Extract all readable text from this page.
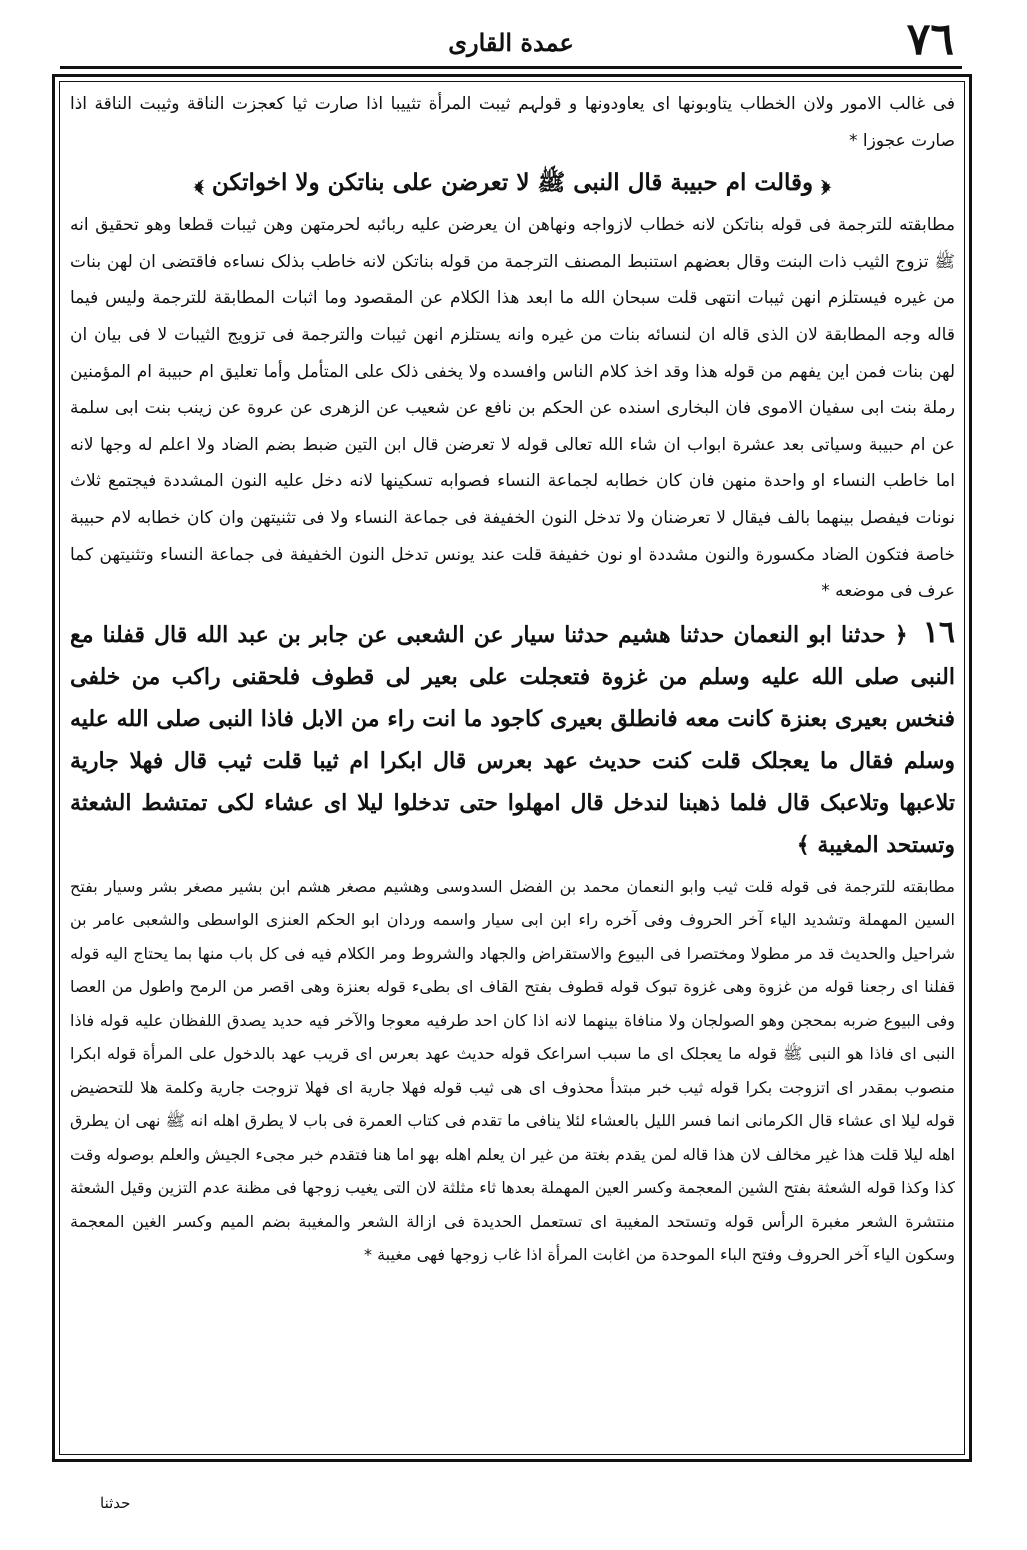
٧٦
عمدة القاری

فی غالب الامور ولان الخطاب یتاوبونها ای یعاودونها و قولہم ثیبت المرأة تثییبا اذا صارت ثیا کعجزت الناقة وثیبت الناقة اذا صارت عجوزا *

﴿ وقالت ام حبیبة قال النبی ﷺ لا تعرضن علی بناتکن ولا اخواتکن ﴾

مطابقته للترجمة فی قوله بناتکن لانه خطاب لازواجه ونهاهن ان یعرضن علیه ربائبه لحرمتهن وهن ثیبات قطعا وهو تحقیق انه ﷺ تزوج الثیب ذات البنت وقال بعضهم استنبط المصنف الترجمة من قوله بناتکن لانه خاطب بذلک نساءه فاقتضی ان لهن بنات من غیره فیستلزم انهن ثیبات انتهی قلت سبحان الله ما ابعد هذا الکلام عن المقصود وما اثبات المطابقة للترجمة ولیس فیما قاله وجه المطابقة لان الذی قاله ان لنسائه بنات من غیره وانه یستلزم انهن ثیبات والترجمة فی تزویج الثیبات لا فی بیان ان لهن بنات فمن این یفهم من قوله هذا وقد اخذ کلام الناس وافسده ولا یخفی ذلک علی المتأمل وأما تعلیق ام حبیبة ام المؤمنین رملة بنت ابی سفیان الاموی فان البخاری اسنده عن الحکم بن نافع عن شعیب عن الزهری عن عروة عن زینب بنت ابی سلمة عن ام حبیبة وسیاتی بعد عشرة ابواب ان شاء الله تعالی قوله لا تعرضن قال ابن التین ضبط بضم الضاد ولا اعلم له وجها لانه اما خاطب النساء او واحدة منهن فان کان خطابه لجماعة النساء فصوابه تسکینها لانه دخل علیه النون المشددة فیجتمع ثلاث نونات فیفصل بینهما بالف فیقال لا تعرضنان ولا تدخل النون الخفیفة فی جماعة النساء ولا فی تثنیتهن وان کان خطابه لام حبیبة خاصة فتکون الضاد مکسورة والنون مشددة او نون خفیفة قلت عند یونس تدخل النون الخفیفة فی جماعة النساء وتثنیتهن کما عرف فی موضعه *

١٦ ﴿ حدثنا ابو النعمان حدثنا هشیم حدثنا سیار عن الشعبی عن جابر بن عبد الله قال قفلنا مع النبی صلی الله علیه وسلم من غزوة فتعجلت علی بعیر لی قطوف فلحقنی راکب من خلفی فنخس بعیری بعنزة کانت معه فانطلق بعیری کاجود ما انت راء من الابل فاذا النبی صلی الله علیه وسلم فقال ما یعجلک قلت کنت حدیث عهد بعرس قال ابکرا ام ثیبا قلت ثیب قال فهلا جاریة تلاعبها وتلاعبک قال فلما ذهبنا لندخل قال امهلوا حتی تدخلوا لیلا ای عشاء لکی تمتشط الشعثة وتستحد المغیبة ﴾

مطابقته للترجمة فی قوله قلت ثیب وابو النعمان محمد بن الفضل السدوسی وهشیم مصغر هشم ابن بشیر مصغر بشر وسیار بفتح السین المهملة وتشدید الیاء آخر الحروف وفی آخره راء ابن ابی سیار واسمه وردان ابو الحکم العنزی الواسطی والشعبی عامر بن شراحیل والحدیث قد مر مطولا ومختصرا فی البیوع والاستقراض والجهاد والشروط ومر الکلام فیه فی کل باب منها بما یحتاج الیه قوله قفلنا ای رجعنا قوله من غزوة وهی غزوة تبوک قوله قطوف بفتح القاف ای بطیء قوله بعنزة وهی اقصر من الرمح واطول من العصا وفی البیوع ضربه بمحجن وهو الصولجان ولا منافاة بینهما لانه اذا کان احد طرفیه معوجا والآخر فیه حدید یصدق اللفظان علیه قوله فاذا النبی ای فاذا هو النبی ﷺ قوله ما یعجلک ای ما سبب اسراعک قوله حدیث عهد بعرس ای قریب عهد بالدخول علی المرأة قوله ابکرا منصوب بمقدر ای اتزوجت بکرا قوله ثیب خبر مبتدأ محذوف ای هی ثیب قوله فهلا جاریة ای فهلا تزوجت جاریة وکلمة هلا للتحضیض قوله لیلا ای عشاء قال الکرمانی انما فسر اللیل بالعشاء لئلا ینافی ما تقدم فی کتاب العمرة فی باب لا یطرق اهله انه ﷺ نهی ان یطرق اهله لیلا قلت هذا غیر مخالف لان هذا قاله لمن یقدم بغتة من غیر ان یعلم اهله بهو اما هنا فتقدم خبر مجیء الجیش والعلم بوصوله وقت کذا وکذا قوله الشعثة بفتح الشین المعجمة وکسر العین المهملة بعدها ثاء مثلثة لان التی یغیب زوجها فی مظنة عدم التزین وقیل الشعثة منتشرة الشعر مغبرة الرأس قوله وتستحد المغیبة ای تستعمل الحدیدة فی ازالة الشعر والمغیبة بضم المیم وکسر الغین المعجمة وسکون الیاء آخر الحروف وفتح الباء الموحدة من اغابت المرأة اذا غاب زوجها فهی مغیبة *

حدثنا
